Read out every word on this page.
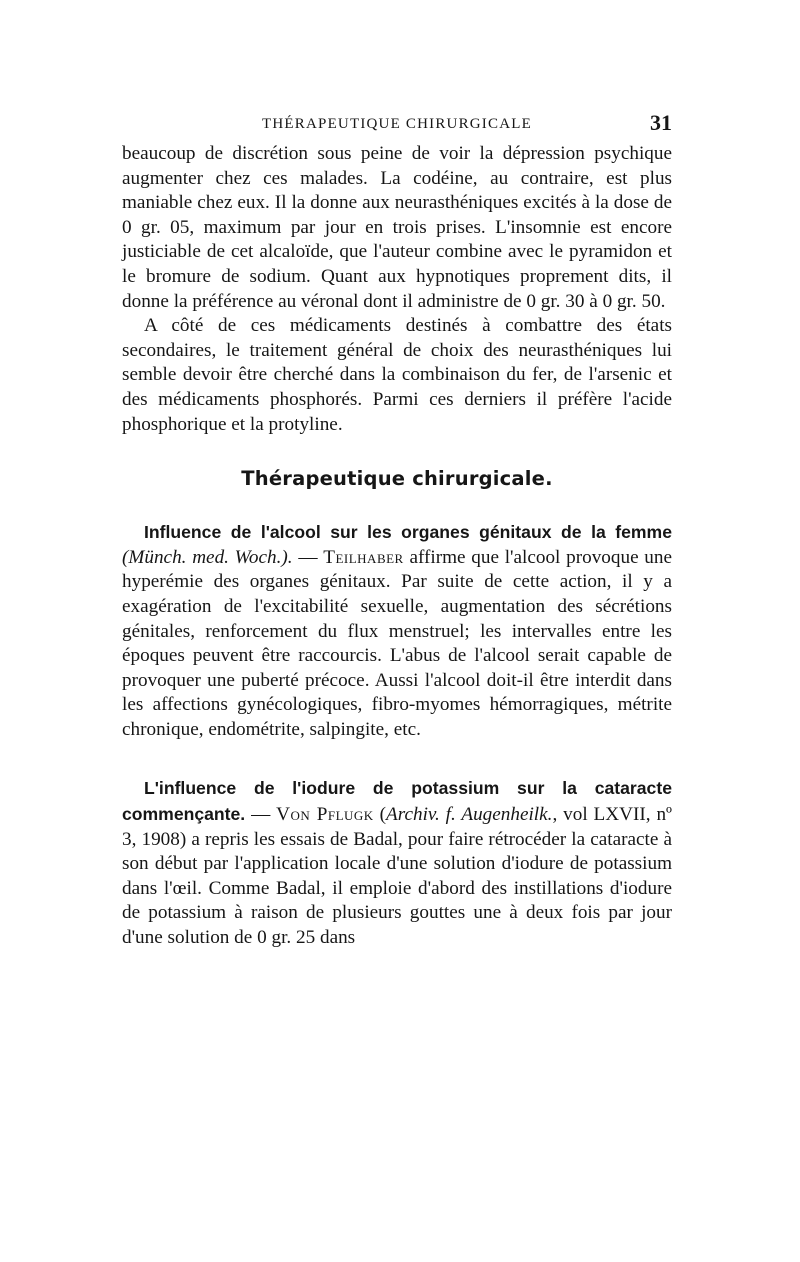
THÉRAPEUTIQUE CHIRURGICALE	31

beaucoup de discrétion sous peine de voir la dépression psychique augmenter chez ces malades. La codéine, au contraire, est plus maniable chez eux. Il la donne aux neurasthéniques excités à la dose de 0 gr. 05, maximum par jour en trois prises. L'insomnie est encore justiciable de cet alcaloïde, que l'auteur combine avec le pyramidon et le bromure de sodium. Quant aux hypnotiques proprement dits, il donne la préférence au véronal dont il administre de 0 gr. 30 à 0 gr. 50.

A côté de ces médicaments destinés à combattre des états secondaires, le traitement général de choix des neurasthéniques lui semble devoir être cherché dans la combinaison du fer, de l'arsenic et des médicaments phosphorés. Parmi ces derniers il préfère l'acide phosphorique et la protyline.

Thérapeutique chirurgicale.

Influence de l'alcool sur les organes génitaux de la femme (Münch. med. Woch.). — Teilhaber affirme que l'alcool provoque une hyperémie des organes génitaux. Par suite de cette action, il y a exagération de l'excitabilité sexuelle, augmentation des sécrétions génitales, renforcement du flux menstruel; les intervalles entre les époques peuvent être raccourcis. L'abus de l'alcool serait capable de provoquer une puberté précoce. Aussi l'alcool doit-il être interdit dans les affections gynécologiques, fibro-myomes hémorragiques, métrite chronique, endométrite, salpingite, etc.

L'influence de l'iodure de potassium sur la cataracte commençante. — Von Pflugk (Archiv. f. Augenheilk., vol LXVII, nº 3, 1908) a repris les essais de Badal, pour faire rétrocéder la cataracte à son début par l'application locale d'une solution d'iodure de potassium dans l'œil. Comme Badal, il emploie d'abord des instillations d'iodure de potassium à raison de plusieurs gouttes une à deux fois par jour d'une solution de 0 gr. 25 dans
